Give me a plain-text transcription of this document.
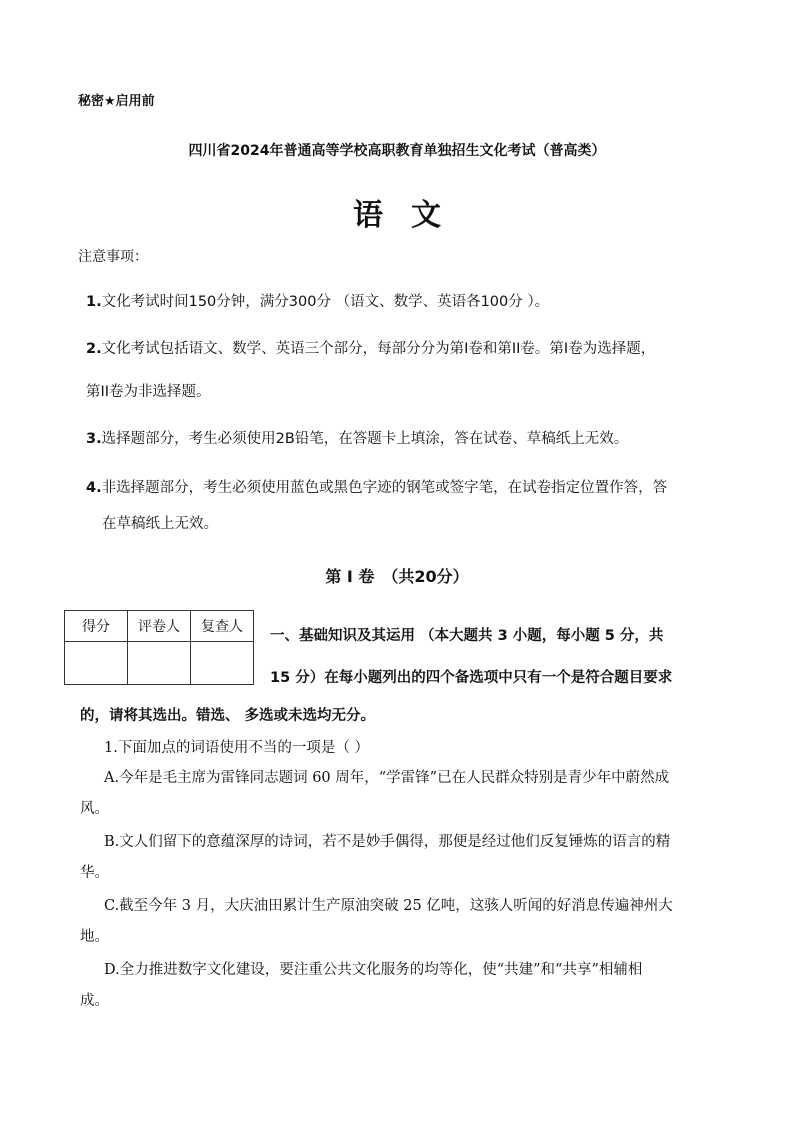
秘密★启用前
四川省2024年普通高等学校高职教育单独招生文化考试（普高类）
语文
注意事项：
1.文化考试时间150分钟，满分300分 （语文、数学、英语各100分 ）。
2.文化考试包括语文、数学、英语三个部分，每部分分为第I卷和第II卷。第I卷为选择题，
第II卷为非选择题。
3.选择题部分，考生必须使用2B铅笔，在答题卡上填涂，答在试卷、草稿纸上无效。
4.非选择题部分，考生必须使用蓝色或黑色字迹的钢笔或签字笔，在试卷指定位置作答，答
在草稿纸上无效。
第 I 卷　（共20分）
得分	评卷人	复查人

一、基础知识及其运用 （本大题共 3 小题，每小题 5 分，共
15 分）在每小题列出的四个备选项中只有一个是符合题目要求
的，请将其选出。错选、 多选或未选均无分。
1.下面加点的词语使用不当的一项是（ ）
A.今年是毛主席为雷锋同志题词 60 周年，“学雷锋”已在人民群众特别是青少年中蔚然成
风。
B.文人们留下的意蕴深厚的诗词，若不是妙手偶得，那便是经过他们反复锤炼的语言的精
华。
C.截至今年 3 月，大庆油田累计生产原油突破 25 亿吨，这骇人听闻的好消息传遍神州大
地。
D.全力推进数字文化建设，要注重公共文化服务的均等化，使“共建”和“共享”相辅相
成。
